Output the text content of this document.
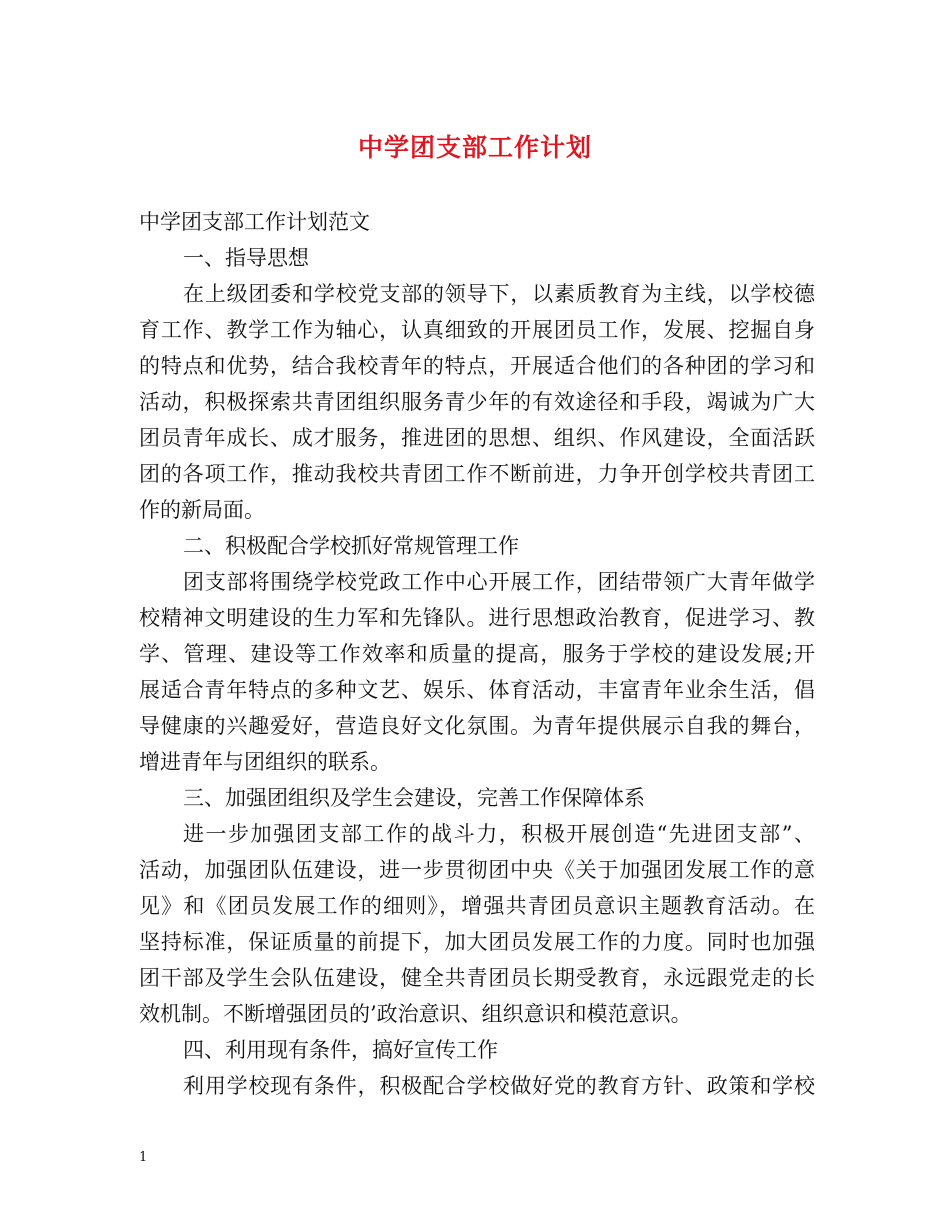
中学团支部工作计划
中学团支部工作计划范文
一、指导思想
在上级团委和学校党支部的领导下，以素质教育为主线，以学校德
育工作、教学工作为轴心，认真细致的开展团员工作，发展、挖掘自身
的特点和优势，结合我校青年的特点，开展适合他们的各种团的学习和
活动，积极探索共青团组织服务青少年的有效途径和手段，竭诚为广大
团员青年成长、成才服务，推进团的思想、组织、作风建设，全面活跃
团的各项工作，推动我校共青团工作不断前进，力争开创学校共青团工
作的新局面。
二、积极配合学校抓好常规管理工作
团支部将围绕学校党政工作中心开展工作，团结带领广大青年做学
校精神文明建设的生力军和先锋队。进行思想政治教育，促进学习、教
学、管理、建设等工作效率和质量的提高，服务于学校的建设发展;开
展适合青年特点的多种文艺、娱乐、体育活动，丰富青年业余生活，倡
导健康的兴趣爱好，营造良好文化氛围。为青年提供展示自我的舞台，
增进青年与团组织的联系。
三、加强团组织及学生会建设，完善工作保障体系
进一步加强团支部工作的战斗力，积极开展创造“先进团支部”、
活动，加强团队伍建设，进一步贯彻团中央《关于加强团发展工作的意
见》和《团员发展工作的细则》，增强共青团员意识主题教育活动。在
坚持标准，保证质量的前提下，加大团员发展工作的力度。同时也加强
团干部及学生会队伍建设，健全共青团员长期受教育，永远跟党走的长
效机制。不断增强团员的’政治意识、组织意识和模范意识。
四、利用现有条件，搞好宣传工作
利用学校现有条件，积极配合学校做好党的教育方针、政策和学校
1
